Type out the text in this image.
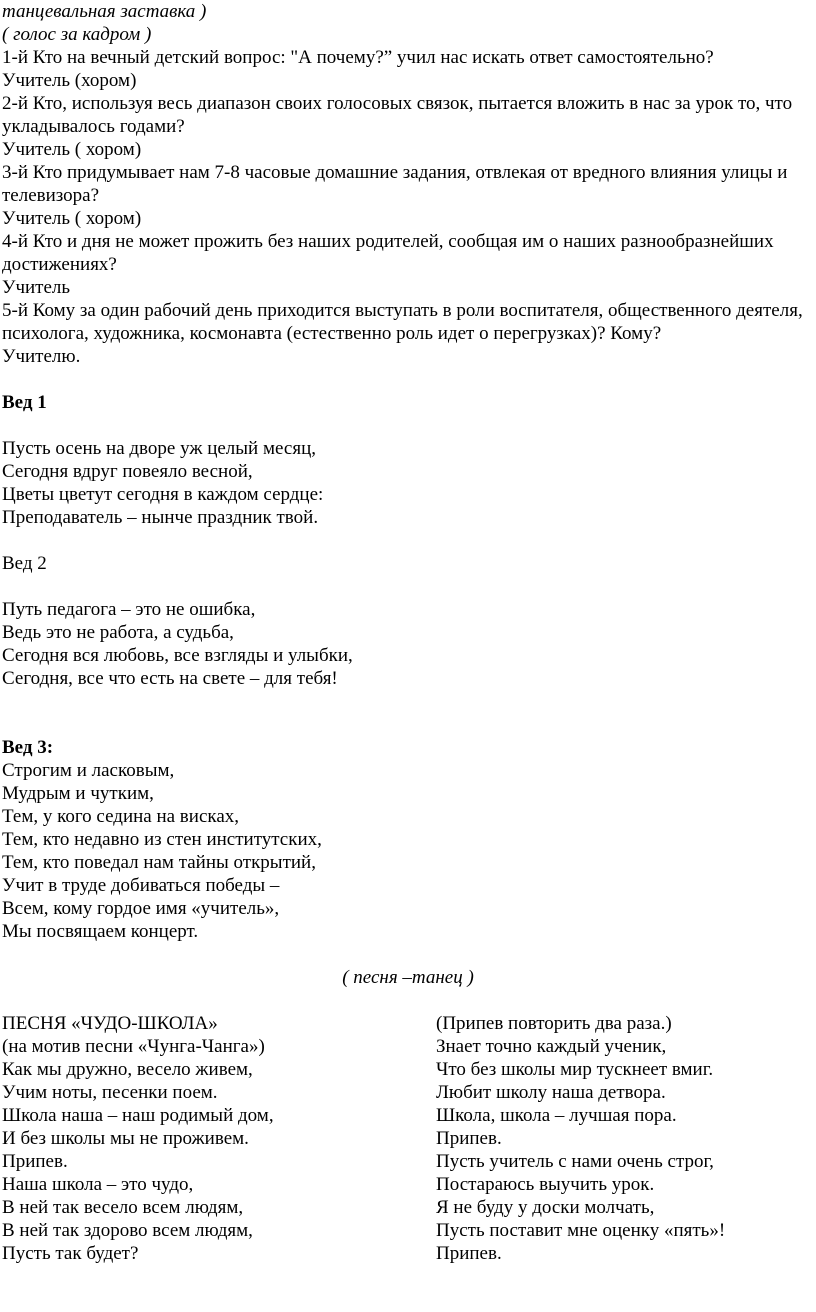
танцевальная заставка )
( голос за кадром )
1-й Кто на вечный детский вопрос: "А почему?” учил нас искать ответ самостоятельно?
Учитель (хором)
2-й Кто, используя весь диапазон своих голосовых связок, пытается вложить в нас за урок то, что укладывалось годами?
Учитель ( хором)
3-й Кто придумывает нам 7-8 часовые домашние задания, отвлекая от вредного влияния улицы и телевизора?
Учитель ( хором)
4-й Кто и дня не может прожить без наших родителей, сообщая им о наших разнообразнейших достижениях?
Учитель
5-й Кому за один рабочий день приходится выступать в роли воспитателя, общественного деятеля, психолога, художника, космонавта (естественно роль идет о перегрузках)? Кому?
Учителю.
Вед 1
Пусть осень на дворе уж целый месяц,
Сегодня вдруг повеяло весной,
Цветы цветут сегодня в каждом сердце:
Преподаватель – нынче праздник твой.
Вед 2
Путь педагога – это не ошибка,
Ведь это не работа, а судьба,
Сегодня вся любовь, все взгляды и улыбки,
Сегодня, все что есть на свете – для тебя!
Вед 3:
Строгим и ласковым,
Мудрым и чутким,
Тем, у кого седина на висках,
Тем, кто недавно из стен институтских,
Тем, кто поведал нам тайны открытий,
Учит в труде добиваться победы –
Всем, кому гордое имя «учитель»,
Мы посвящаем концерт.
( песня –танец )
ПЕСНЯ «ЧУДО-ШКОЛА»
(на мотив песни «Чунга-Чанга»)
Как мы дружно, весело живем,
Учим ноты, песенки поем.
Школа наша – наш родимый дом,
И без школы мы не проживем.
Припев.
Наша школа – это чудо,
В ней так весело всем людям,
В ней так здорово всем людям,
Пусть так будет?
(Припев повторить два раза.)
Знает точно каждый ученик,
Что без школы мир тускнеет вмиг.
Любит школу наша детвора.
Школа, школа – лучшая пора.
Припев.
Пусть учитель с нами очень строг,
Постараюсь выучить урок.
Я не буду у доски молчать,
Пусть поставит мне оценку «пять»!
Припев.
